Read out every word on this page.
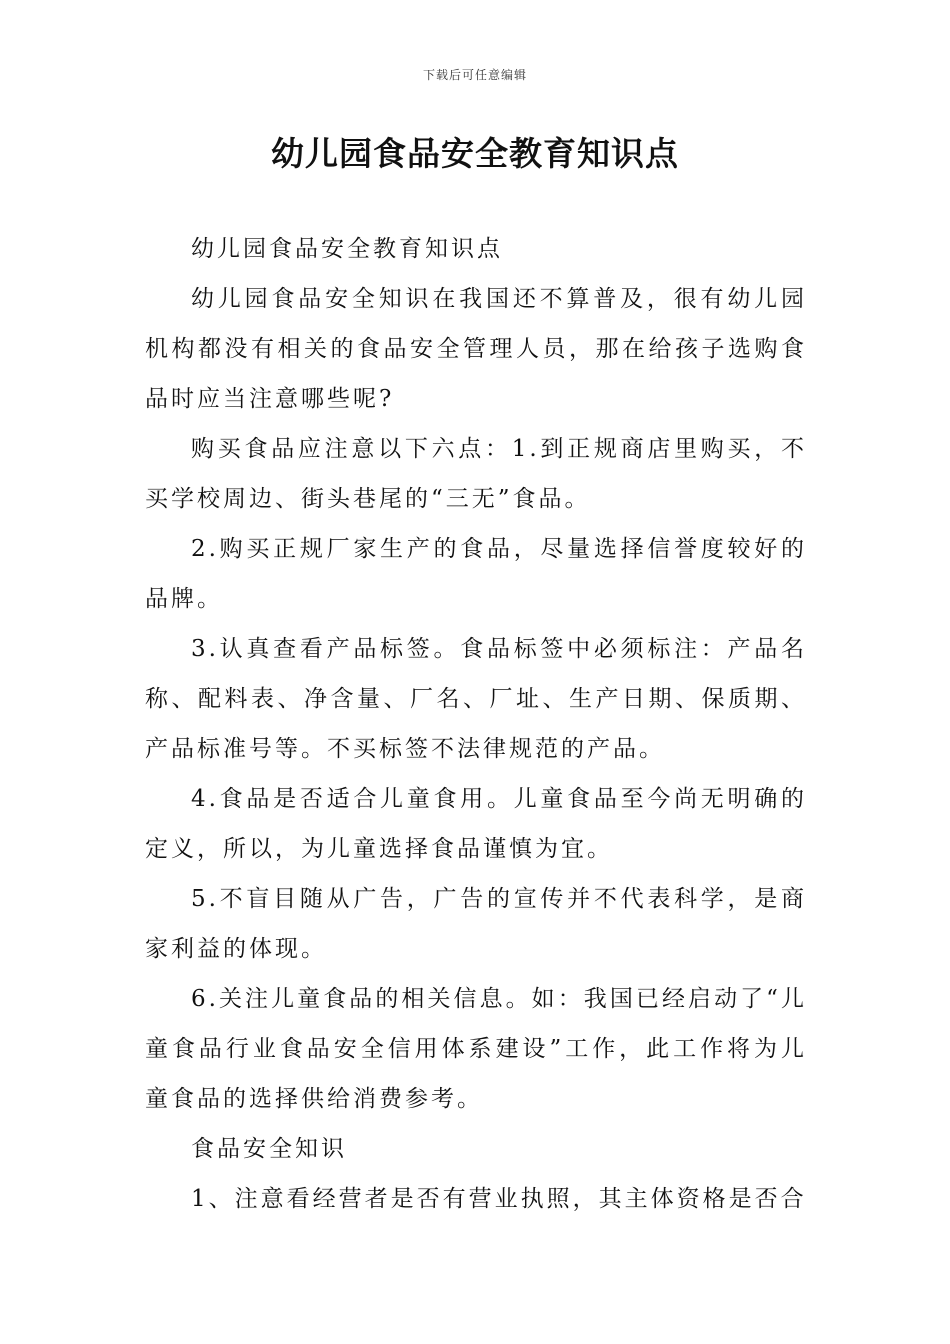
下载后可任意编辑
幼儿园食品安全教育知识点

幼儿园食品安全教育知识点

幼儿园食品安全知识在我国还不算普及，很有幼儿园机构都没有相关的食品安全管理人员，那在给孩子选购食品时应当注意哪些呢?

购买食品应注意以下六点：1.到正规商店里购买，不买学校周边、街头巷尾的“三无”食品。

2.购买正规厂家生产的食品，尽量选择信誉度较好的品牌。

3.认真查看产品标签。食品标签中必须标注：产品名称、配料表、净含量、厂名、厂址、生产日期、保质期、产品标准号等。不买标签不法律规范的产品。

4.食品是否适合儿童食用。儿童食品至今尚无明确的定义，所以，为儿童选择食品谨慎为宜。

5.不盲目随从广告，广告的宣传并不代表科学，是商家利益的体现。

6.关注儿童食品的相关信息。如：我国已经启动了“儿童食品行业食品安全信用体系建设”工作，此工作将为儿童食品的选择供给消费参考。

食品安全知识

1、注意看经营者是否有营业执照，其主体资格是否合
